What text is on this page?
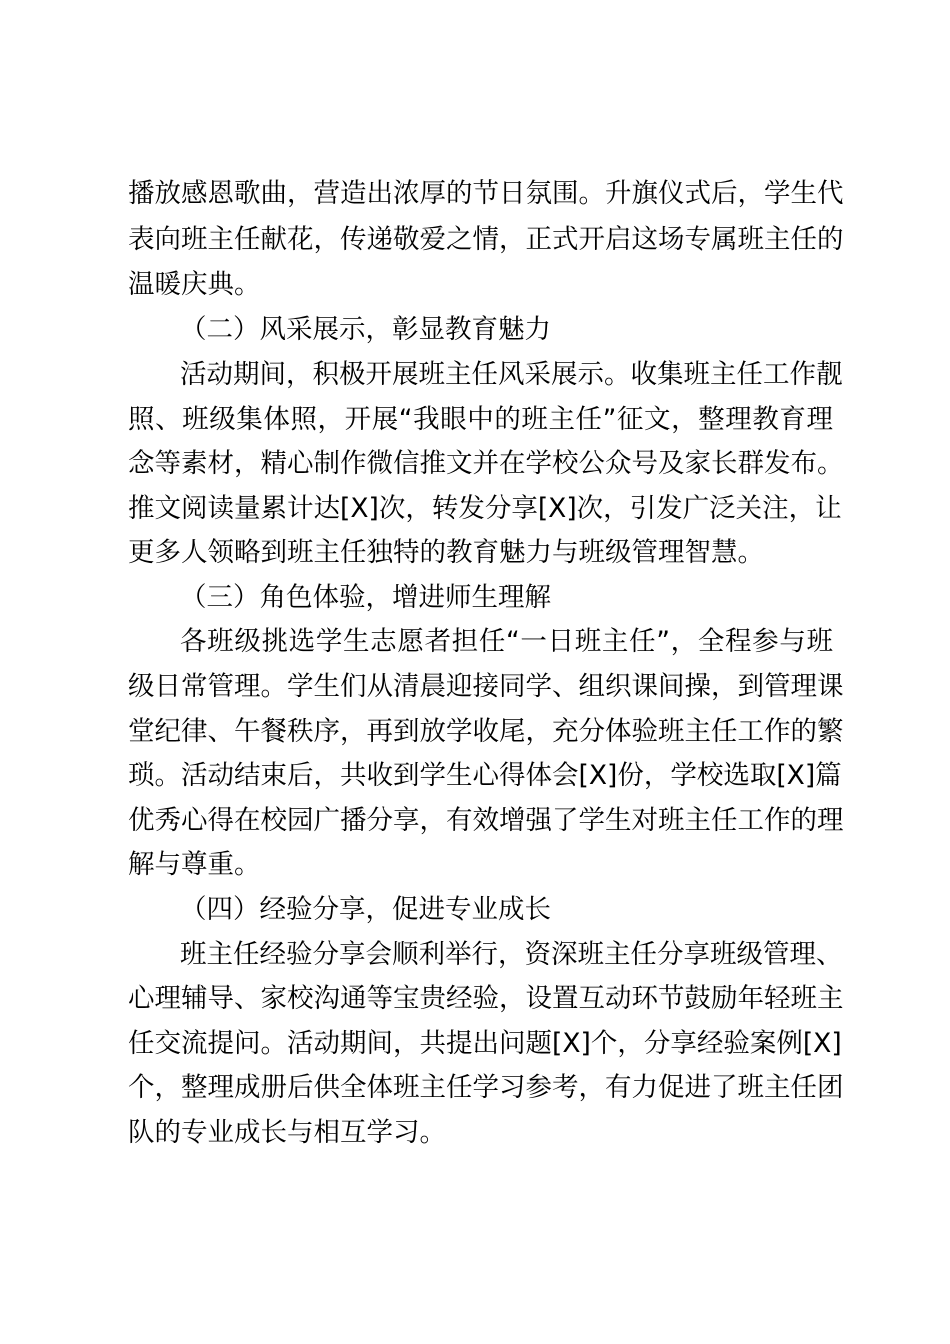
播放感恩歌曲，营造出浓厚的节日氛围。升旗仪式后，学生代
表向班主任献花，传递敬爱之情，正式开启这场专属班主任的
温暖庆典。
（二）风采展示，彰显教育魅力
活动期间，积极开展班主任风采展示。收集班主任工作靓
照、班级集体照，开展“我眼中的班主任”征文，整理教育理
念等素材，精心制作微信推文并在学校公众号及家长群发布。
推文阅读量累计达[X]次，转发分享[X]次，引发广泛关注，让
更多人领略到班主任独特的教育魅力与班级管理智慧。
（三）角色体验，增进师生理解
各班级挑选学生志愿者担任“一日班主任”，全程参与班
级日常管理。学生们从清晨迎接同学、组织课间操，到管理课
堂纪律、午餐秩序，再到放学收尾，充分体验班主任工作的繁
琐。活动结束后，共收到学生心得体会[X]份，学校选取[X]篇
优秀心得在校园广播分享，有效增强了学生对班主任工作的理
解与尊重。
（四）经验分享，促进专业成长
班主任经验分享会顺利举行，资深班主任分享班级管理、
心理辅导、家校沟通等宝贵经验，设置互动环节鼓励年轻班主
任交流提问。活动期间，共提出问题[X]个，分享经验案例[X]
个，整理成册后供全体班主任学习参考，有力促进了班主任团
队的专业成长与相互学习。
